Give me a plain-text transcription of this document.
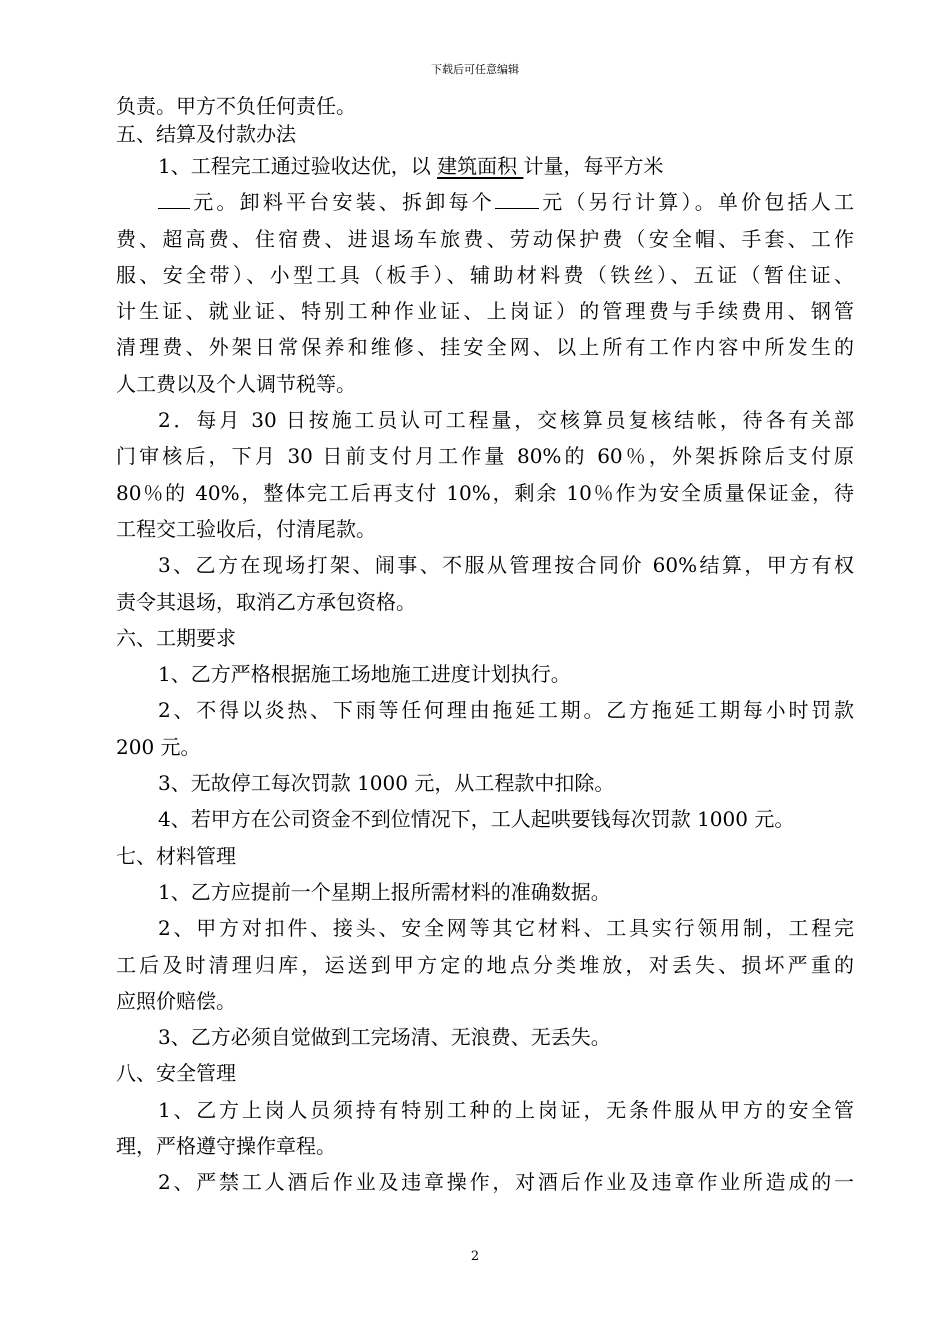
下载后可任意编辑
负责。甲方不负任何责任。
五、结算及付款办法
1、工程完工通过验收达优，以 建筑面积 计量，每平方米
元。卸料平台安装、拆卸每个 元（另行计算）。单价包括人工
费、超高费、住宿费、进退场车旅费、劳动保护费（安全帽、手套、工作
服、安全带）、小型工具（板手）、辅助材料费（铁丝）、五证（暂住证、
计生证、就业证、特别工种作业证、上岗证）的管理费与手续费用、钢管
清理费、外架日常保养和维修、挂安全网、以上所有工作内容中所发生的
人工费以及个人调节税等。
2．每月 30 日按施工员认可工程量，交核算员复核结帐，待各有关部
门审核后，下月 30 日前支付月工作量 80%的 60％，外架拆除后支付原
80％的 40%，整体完工后再支付 10%，剩余 10％作为安全质量保证金，待
工程交工验收后，付清尾款。
3、乙方在现场打架、闹事、不服从管理按合同价 60%结算，甲方有权
责令其退场，取消乙方承包资格。
六、工期要求
1、乙方严格根据施工场地施工进度计划执行。
2、不得以炎热、下雨等任何理由拖延工期。乙方拖延工期每小时罚款
200 元。
3、无故停工每次罚款 1000 元，从工程款中扣除。
4、若甲方在公司资金不到位情况下，工人起哄要钱每次罚款 1000 元。
七、材料管理
1、乙方应提前一个星期上报所需材料的准确数据。
2、甲方对扣件、接头、安全网等其它材料、工具实行领用制，工程完
工后及时清理归库，运送到甲方定的地点分类堆放，对丢失、损坏严重的
应照价赔偿。
3、乙方必须自觉做到工完场清、无浪费、无丢失。
八、安全管理
1、乙方上岗人员须持有特别工种的上岗证，无条件服从甲方的安全管
理，严格遵守操作章程。
2、严禁工人酒后作业及违章操作，对酒后作业及违章作业所造成的一
2
